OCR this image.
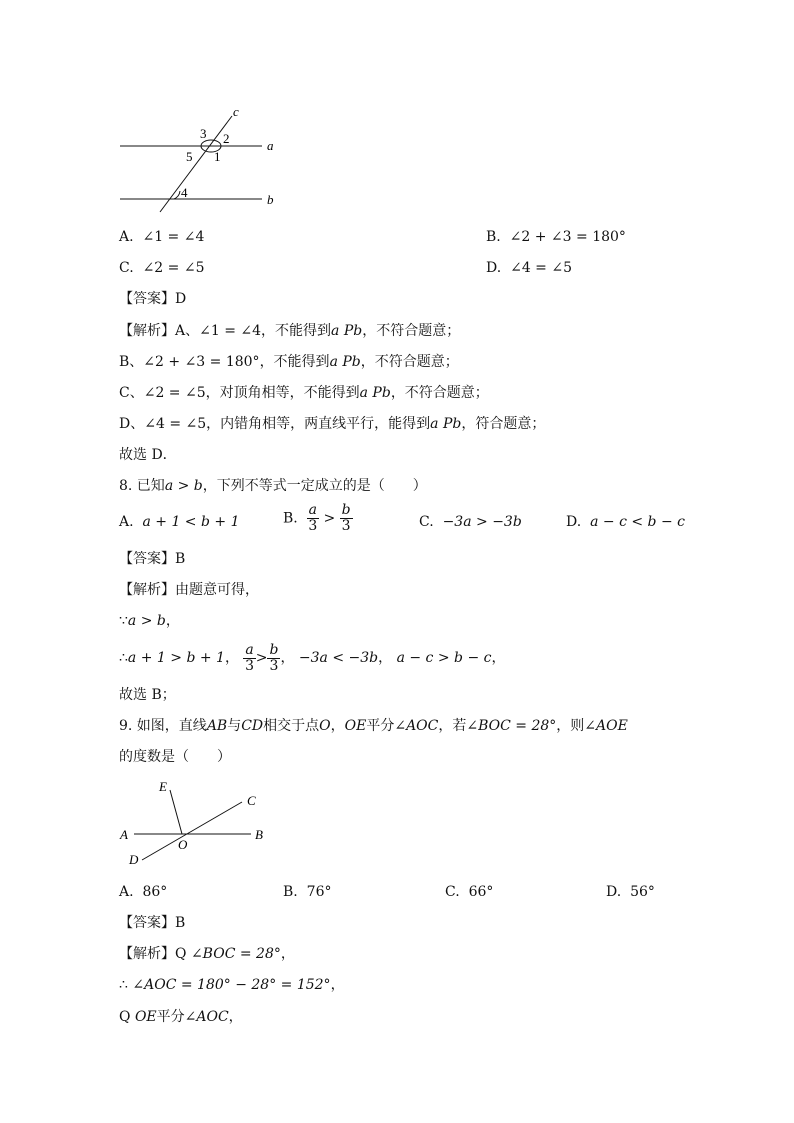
c
a
b
3 2
5 1
4
A. ∠1 = ∠4	B. ∠2 + ∠3 = 180°
C. ∠2 = ∠5	D. ∠4 = ∠5
【答案】D
【解析】A、∠1 = ∠4，不能得到a Pb，不符合题意；
B、∠2 + ∠3 = 180°，不能得到a Pb，不符合题意；
C、∠2 = ∠5，对顶角相等，不能得到a Pb，不符合题意；
D、∠4 = ∠5，内错角相等，两直线平行，能得到a Pb，符合题意；
故选 D．
8. 已知a > b，下列不等式一定成立的是（　　）
A. a + 1 < b + 1	B. $\frac{a}{3} > \frac{b}{3}$	C. −3a > −3b	D. a − c < b − c
【答案】B
【解析】由题意可得，
∵a > b，
∴a + 1 > b + 1， $\frac{a}{3} > \frac{b}{3}$ ， −3a < −3b， a − c > b − c，
故选 B；
9. 如图，直线AB与CD相交于点O，OE平分∠AOC，若∠BOC = 28°，则∠AOE
的度数是（　　）
E
C
A	B
O
D
A. 86°	B. 76°	C. 66°	D. 56°
【答案】B
【解析】Q ∠BOC = 28°，
∴ ∠AOC = 180° − 28° = 152°，
Q OE平分∠AOC，
